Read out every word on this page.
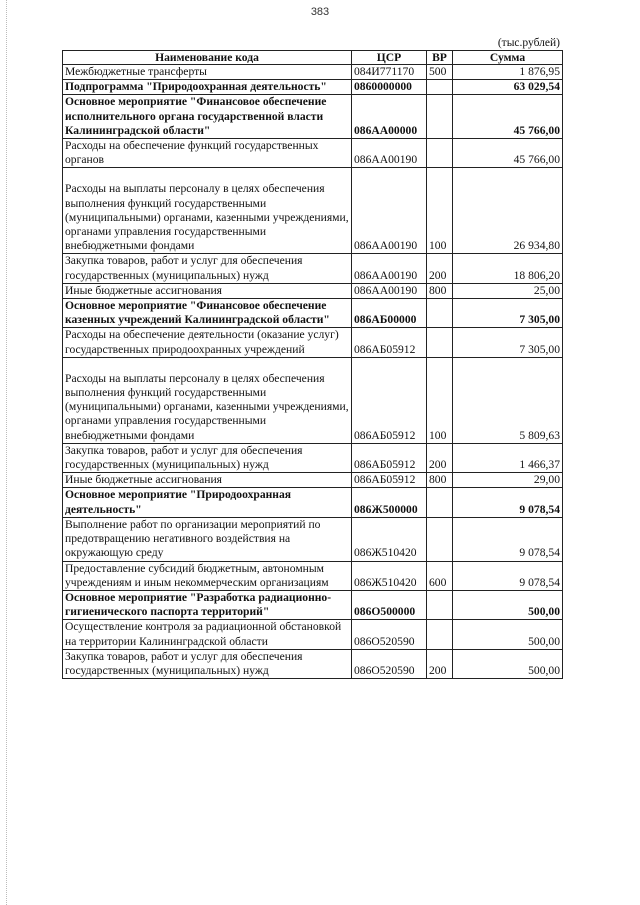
383
(тыс.рублей)
Наименование кода	ЦСР	ВР	Сумма
Межбюджетные трансферты	084И771170	500	1 876,95
Подпрограмма "Природоохранная деятельность"	0860000000		63 029,54
Основное мероприятие "Финансовое обеспечение исполнительного органа государственной власти Калининградской области"	086АА00000		45 766,00
Расходы на обеспечение функций государственных органов	086АА00190		45 766,00
Расходы на выплаты персоналу в целях обеспечения выполнения функций государственными (муниципальными) органами, казенными учреждениями, органами управления государственными внебюджетными фондами	086АА00190	100	26 934,80
Закупка товаров, работ и услуг для обеспечения государственных (муниципальных) нужд	086АА00190	200	18 806,20
Иные бюджетные ассигнования	086АА00190	800	25,00
Основное мероприятие "Финансовое обеспечение казенных учреждений Калининградской области"	086АБ00000		7 305,00
Расходы на обеспечение деятельности (оказание услуг) государственных природоохранных учреждений	086АБ05912		7 305,00
Расходы на выплаты персоналу в целях обеспечения выполнения функций государственными (муниципальными) органами, казенными учреждениями, органами управления государственными внебюджетными фондами	086АБ05912	100	5 809,63
Закупка товаров, работ и услуг для обеспечения государственных (муниципальных) нужд	086АБ05912	200	1 466,37
Иные бюджетные ассигнования	086АБ05912	800	29,00
Основное мероприятие "Природоохранная деятельность"	086Ж500000		9 078,54
Выполнение работ по организации мероприятий по предотвращению негативного воздействия на окружающую среду	086Ж510420		9 078,54
Предоставление субсидий бюджетным, автономным учреждениям и иным некоммерческим организациям	086Ж510420	600	9 078,54
Основное мероприятие "Разработка радиационно-гигиенического паспорта территорий"	086О500000		500,00
Осуществление контроля за радиационной обстановкой на территории Калининградской области	086О520590		500,00
Закупка товаров, работ и услуг для обеспечения государственных (муниципальных) нужд	086О520590	200	500,00
